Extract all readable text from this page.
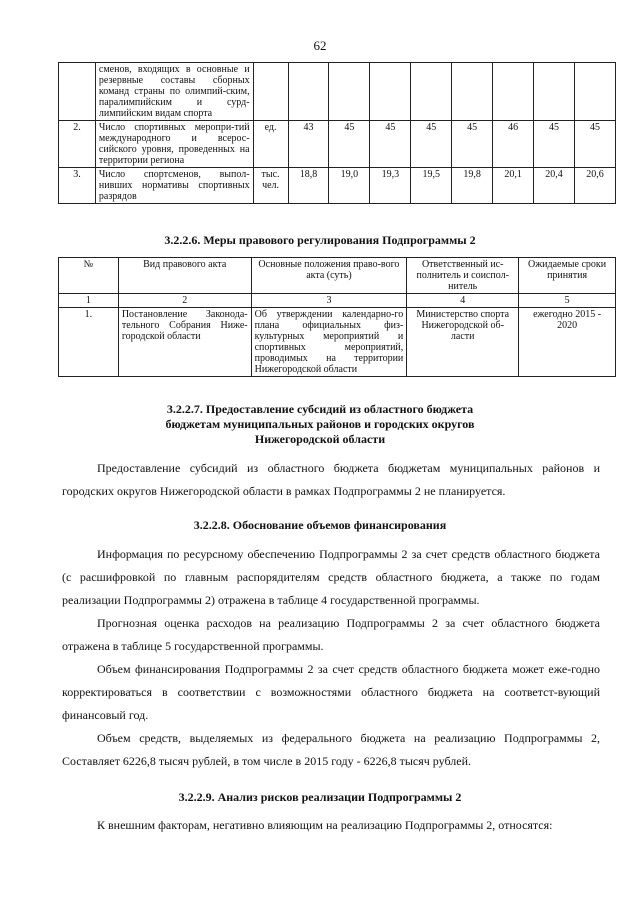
62
	сменов, входящих в основные и резервные составы сборных команд страны по олимпий-ским, паралимпийским и сурд-лимпийским видам спорта									
2.	Число спортивных меропри-тий международного и всерос-сийского уровня, проведенных на территории региона	ед.	43	45	45	45	45	46	45	45
3.	Число спортсменов, выпол-нивших нормативы спортивных разрядов	тыс. чел.	18,8	19,0	19,3	19,5	19,8	20,1	20,4	20,6
3.2.2.6. Меры правового регулирования Подпрограммы 2
№	Вид правового акта	Основные положения право-вого акта (суть)	Ответственный ис-полнитель и соиспол-нитель	Ожидаемые сроки принятия
1	2	3	4	5
1.	Постановление Законода-тельного Собрания Ниже-городской области	Об утверждении календарно-го плана официальных физ-культурных мероприятий и спортивных мероприятий, проводимых на территории Нижегородской области	Министерство спорта Нижегородской об-ласти	ежегодно 2015 - 2020
3.2.2.7. Предоставление субсидий из областного бюджета
бюджетам муниципальных районов и городских округов
Нижегородской области

Предоставление субсидий из областного бюджета бюджетам муниципальных районов и городских округов Нижегородской области в рамках Подпрограммы 2 не планируется.

3.2.2.8. Обоснование объемов финансирования

Информация по ресурсному обеспечению Подпрограммы 2 за счет средств областного бюджета (с расшифровкой по главным распорядителям средств областного бюджета, а также по годам реализации Подпрограммы 2) отражена в таблице 4 государственной программы.

Прогнозная оценка расходов на реализацию Подпрограммы 2 за счет областного бюджета отражена в таблице 5 государственной программы.

Объем финансирования Подпрограммы 2 за счет средств областного бюджета может еже-годно корректироваться в соответствии с возможностями областного бюджета на соответст-вующий финансовый год.

Объем средств, выделяемых из федерального бюджета на реализацию Подпрограммы 2, Составляет 6226,8 тысяч рублей, в том числе в 2015 году - 6226,8 тысяч рублей.

3.2.2.9. Анализ рисков реализации Подпрограммы 2

К внешним факторам, негативно влияющим на реализацию Подпрограммы 2, относятся:
